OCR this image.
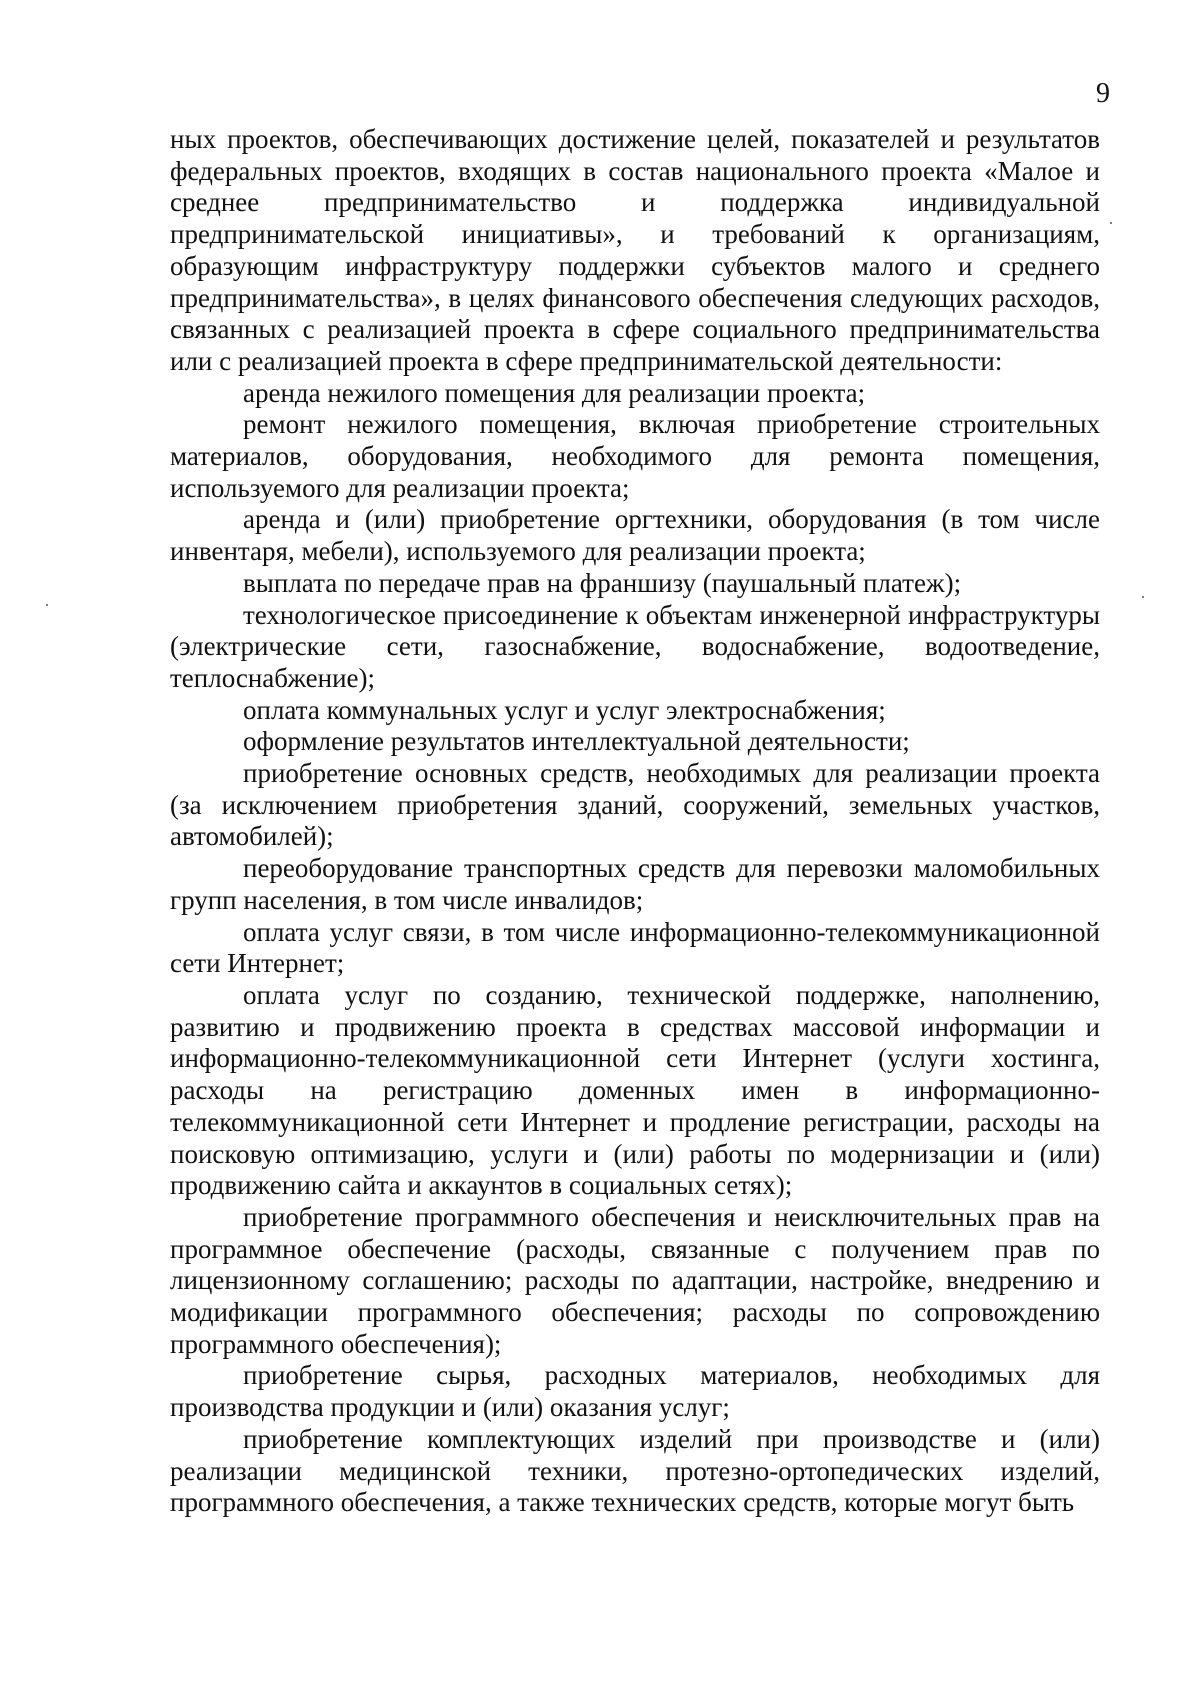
9

ных проектов, обеспечивающих достижение целей, показателей и результатов федеральных проектов, входящих в состав национального проекта «Малое и среднее предпринимательство и поддержка индивидуальной предпринимательской инициативы», и требований к организациям, образующим инфраструктуру поддержки субъектов малого и среднего предпринимательства», в целях финансового обеспечения следующих расходов, связанных с реализацией проекта в сфере социального предпринимательства или с реализацией проекта в сфере предпринимательской деятельности:

аренда нежилого помещения для реализации проекта;

ремонт нежилого помещения, включая приобретение строительных материалов, оборудования, необходимого для ремонта помещения, используемого для реализации проекта;

аренда и (или) приобретение оргтехники, оборудования (в том числе инвентаря, мебели), используемого для реализации проекта;

выплата по передаче прав на франшизу (паушальный платеж);

технологическое присоединение к объектам инженерной инфраструктуры (электрические сети, газоснабжение, водоснабжение, водоотведение, теплоснабжение);

оплата коммунальных услуг и услуг электроснабжения;

оформление результатов интеллектуальной деятельности;

приобретение основных средств, необходимых для реализации проекта (за исключением приобретения зданий, сооружений, земельных участков, автомобилей);

переоборудование транспортных средств для перевозки маломобильных групп населения, в том числе инвалидов;

оплата услуг связи, в том числе информационно-телекоммуникационной сети Интернет;

оплата услуг по созданию, технической поддержке, наполнению, развитию и продвижению проекта в средствах массовой информации и информационно-телекоммуникационной сети Интернет (услуги хостинга, расходы на регистрацию доменных имен в информационно-телекоммуникационной сети Интернет и продление регистрации, расходы на поисковую оптимизацию, услуги и (или) работы по модернизации и (или) продвижению сайта и аккаунтов в социальных сетях);

приобретение программного обеспечения и неисключительных прав на программное обеспечение (расходы, связанные с получением прав по лицензионному соглашению; расходы по адаптации, настройке, внедрению и модификации программного обеспечения; расходы по сопровождению программного обеспечения);

приобретение сырья, расходных материалов, необходимых для производства продукции и (или) оказания услуг;

приобретение комплектующих изделий при производстве и (или) реализации медицинской техники, протезно-ортопедических изделий, программного обеспечения, а также технических средств, которые могут быть
